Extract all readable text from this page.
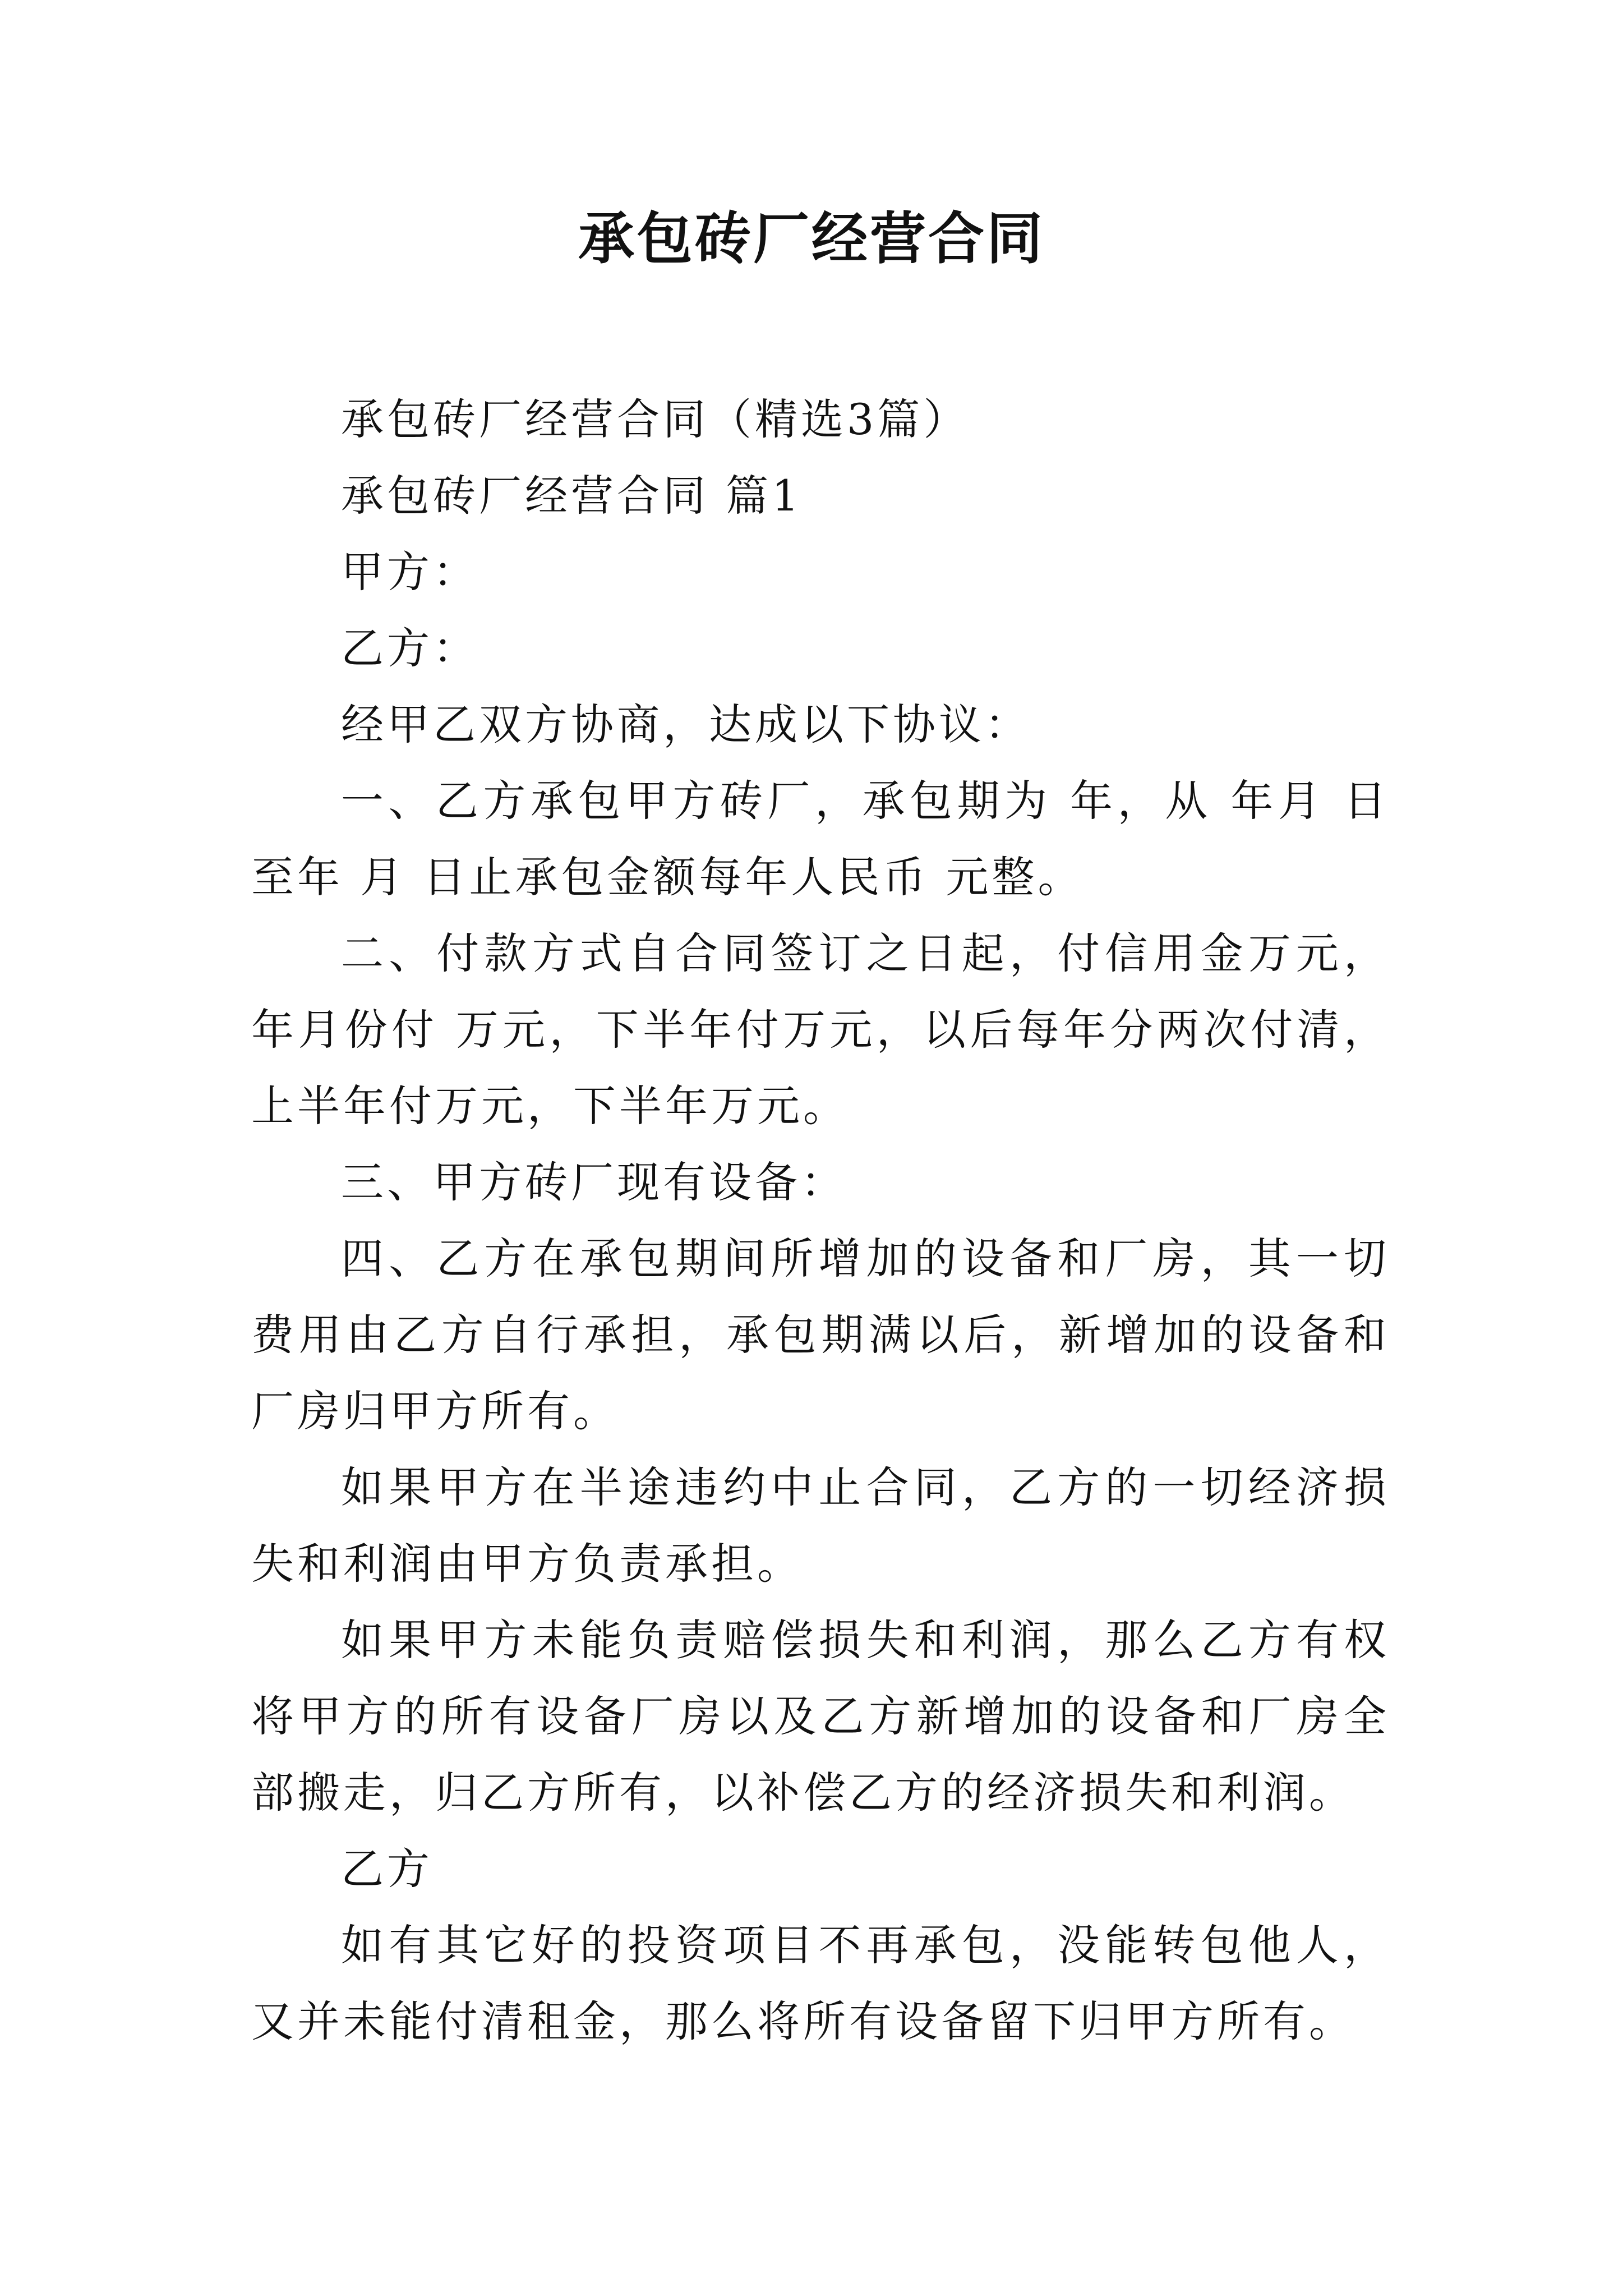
承包砖厂经营合同

承包砖厂经营合同（精选3篇）

承包砖厂经营合同 篇1

甲方：

乙方：

经甲乙双方协商，达成以下协议：

一、乙方承包甲方砖厂，承包期为 年，从 年月 日至年 月 日止承包金额每年人民币 元整。

二、付款方式自合同签订之日起，付信用金万元，  年月份付 万元，下半年付万元，以后每年分两次付清，上半年付万元，下半年万元。

三、甲方砖厂现有设备：

四、乙方在承包期间所增加的设备和厂房，其一切费用由乙方自行承担，承包期满以后，新增加的设备和厂房归甲方所有。

如果甲方在半途违约中止合同，乙方的一切经济损失和利润由甲方负责承担。

如果甲方未能负责赔偿损失和利润，那么乙方有权将甲方的所有设备厂房以及乙方新增加的设备和厂房全部搬走，归乙方所有，以补偿乙方的经济损失和利润。

乙方

如有其它好的投资项目不再承包，没能转包他人，又并未能付清租金，那么将所有设备留下归甲方所有。
